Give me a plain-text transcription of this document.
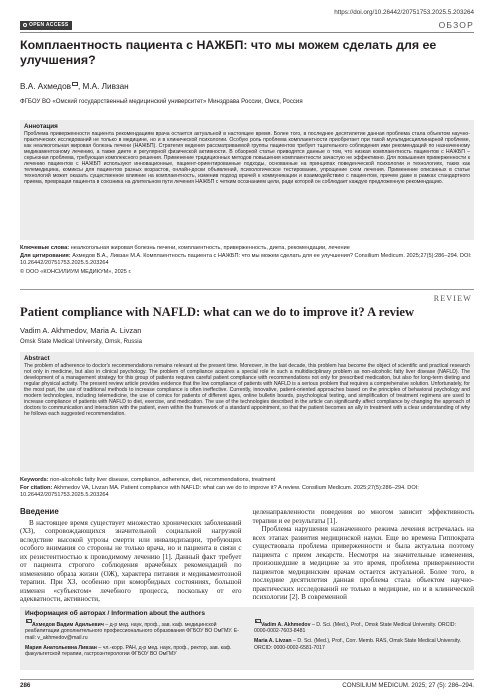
https://doi.org/10.26442/20751753.2025.5.203264
OPEN ACCESS	ОБЗОР
Комплаентность пациента с НАЖБП: что мы можем сделать для ее улучшения?
В.А. Ахмедов , М.А. Ливзан
ФГБОУ ВО «Омский государственный медицинский университет» Минздрава России, Омск, Россия
Аннотация
Проблема приверженности пациента рекомендациям врача остается актуальной в настоящее время. Более того, в последнее десятилетие данная проблема стала объектом научно-практических исследований не только в медицине, но и в клинической психологии. Особую роль проблема комплаентности приобретает при такой мультидисциплинарной проблеме, как неалкогольная жировая болезнь печени (НАЖБП). Стратегия ведения рассматриваемой группы пациентов требует тщательного соблюдения ими рекомендаций по назначенному медикаментозному лечению, а также диете и регулярной физической активности. В обзорной статье приводятся данные о том, что низкая комплаентность пациентов с НАЖБП – серьезная проблема, требующая комплексного решения. Применение традиционных методов повышения комплаентности зачастую не эффективно. Для повышения приверженности к лечению пациентов с НАЖБП используют инновационные, пациент-ориентированные подходы, основанные на принципах поведенческой психологии и технологиях, таких как телемедицина, комиксы для пациентов разных возрастов, онлайн-доски объявлений, психологическое тестирование, упрощение схем лечения. Применение описанных в статье технологий может оказать существенное влияние на комплаентность, изменив подход врачей к коммуникации и взаимодействию с пациентом, причем даже в рамках стандартного приема, превращая пациента в союзника на длительном пути лечения НАЖБП с четким осознанием цели, ради которой он соблюдает каждую предложенную рекомендацию.
Ключевые слова: неалкогольная жировая болезнь печени, комплаентность, приверженность, диета, рекомендации, лечение
Для цитирования: Ахмедов В.А., Ливзан М.А. Комплаентность пациента с НАЖБП: что мы можем сделать для ее улучшения? Consilium Medicum. 2025;27(5):286–294. DOI: 10.26442/20751753.2025.5.203264
© ООО «КОНСИЛИУМ МЕДИКУМ», 2025 г.
REVIEW
Patient compliance with NAFLD: what can we do to improve it? A review
Vadim A. Akhmedov, Maria A. Livzan
Omsk State Medical University, Omsk, Russia
Abstract
The problem of adherence to doctor's recommendations remains relevant at the present time. Moreover, in the last decade, this problem has become the object of scientific and practical research not only in medicine, but also in clinical psychology. The problem of compliance acquires a special role in such a multidisciplinary problem as non-alcoholic fatty liver disease (NAFLD). The development of a management strategy for this group of patients requires careful patient compliance with recommendations not only for prescribed medication, but also for long-term dieting and regular physical activity. The present review article provides evidence that the low compliance of patients with NAFLD is a serious problem that requires a comprehensive solution. Unfortunately, for the most part, the use of traditional methods to increase compliance is often ineffective. Currently, innovative, patient-oriented approaches based on the principles of behavioral psychology and modern technologies, including telemedicine, the use of comics for patients of different ages, online bulletin boards, psychological testing, and simplification of treatment regimens are used to increase compliance of patients with NAFLD to diet, exercise, and medication. The use of the technologies described in the article can significantly affect compliance by changing the approach of doctors to communication and interaction with the patient, even within the framework of a standard appointment, so that the patient becomes an ally in treatment with a clear understanding of why he follows each suggested recommendation.
Keywords: non-alcoholic fatty liver disease, compliance, adherence, diet, recommendations, treatment
For citation: Akhmedov VA, Livzan MA. Patient compliance with NAFLD: what can we do to improve it? A review. Consilium Medicum. 2025;27(5):286–294. DOI: 10.26442/20751753.2025.5.203264
Введение

В настоящее время существует множество хронических заболеваний (ХЗ), сопровождающихся значительной социальной нагрузкой вследствие высокой угрозы смерти или инвалидизации, требующих особого внимания со стороны не только врача, но и пациента в связи с их резистентностью к проводимому лечению [1]. Данный факт требует от пациента строгого соблюдения врачебных рекомендаций по изменению образа жизни (ОЖ), характера питания и медикаментозной терапии. При ХЗ, особенно при коморбидных состояниях, большой изменен «субъектом» лечебного процесса, поскольку от его адекватности, активности,

целенаправленности поведения во многом зависит эффективность терапии и ее результаты [1].

Проблема нарушения назначенного режима лечения встречалась на всех этапах развития медицинской науки. Еще во времена Гиппократа существовала проблема приверженности и была актуальна поэтому пациента с прием лекарств. Несмотря на значительные изменения, произошедшие в медицине за это время, проблема приверженности пациентов медицинским врачам остается актуальной. Более того, в последние десятилетия данная проблема стала объектом научно-практических исследований не только в медицине, но и в клинической психологии [2]. В современной

Информация об авторах / Information about the authors
Ахмедов Вадим Адильевич – д-р мед. наук, проф., зав. каф. медицинской реабилитации дополнительного профессионального образования ФГБОУ ВО ОмГМУ. E-mail: v_akhmedov@mail.ru
Мария Анатольевна Ливзан – чл.-корр. РАН, д-р мед. наук, проф., ректор, зав. каф. факультетской терапии, гастроэнтерологии ФГБОУ ВО ОмГМУ
Vadim A. Akhmedov – D. Sci. (Med.), Prof., Omsk State Medical University. ORCID: 0000-0002-7603-8481
Maria A. Livzan – D. Sci. (Med.), Prof., Corr. Memb. RAS, Omsk State Medical University. ORCID: 0000-0002-6581-7017
286	CONSILIUM MEDICUM. 2025; 27 (5): 286–294.
